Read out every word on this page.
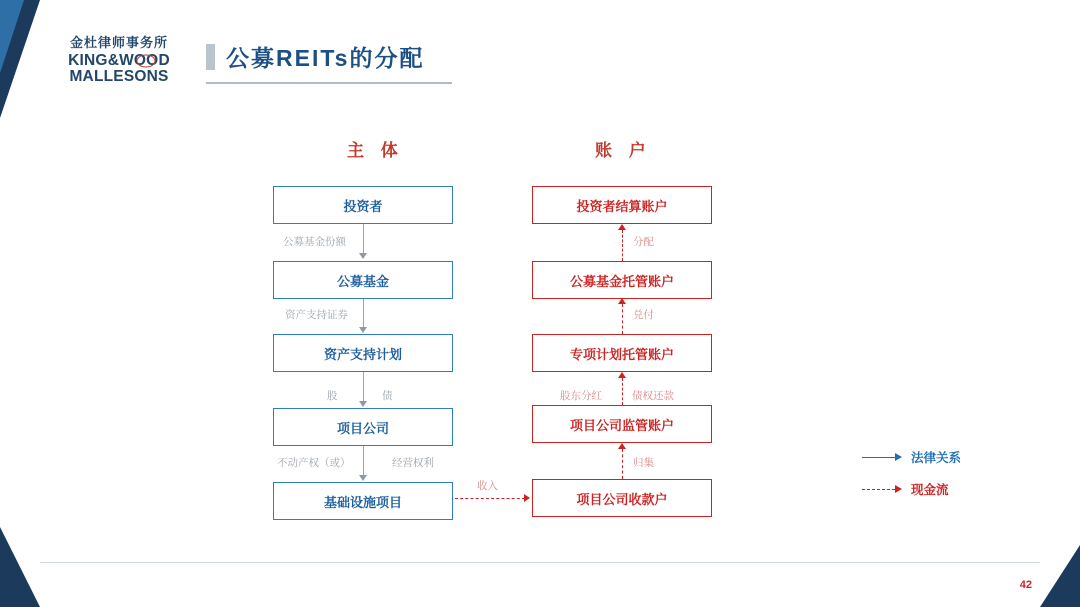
42
金杜律师事务所
KING&WOOD
MALLESONS
公募REITs的分配
主 体	账 户
投资者
公募基金
资产支持计划
项目公司
基础设施项目
公募基金份额
资产支持证券
股	债
不动产权（或）	经营权利
投资者结算账户
公募基金托管账户
专项计划托管账户
项目公司监管账户
项目公司收款户
分配
兑付
股东分红	债权还款
归集
收入
法律关系
现金流
